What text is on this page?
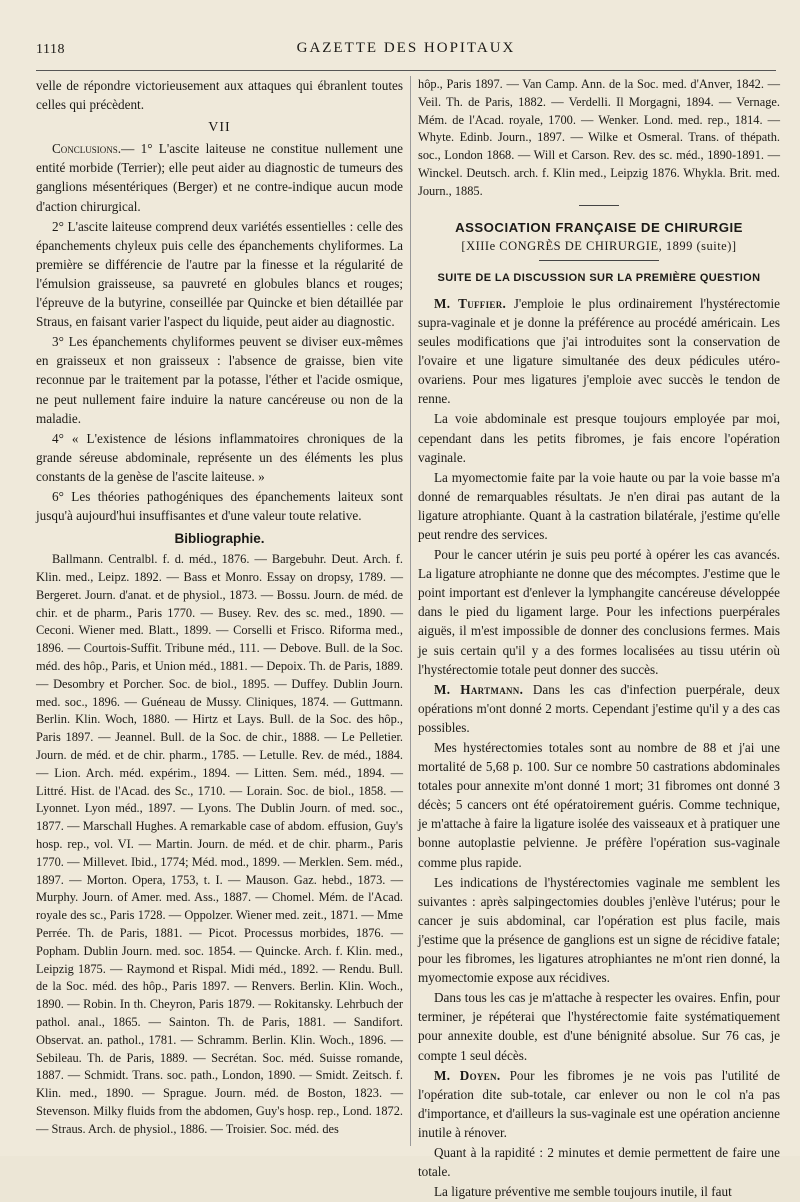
1118	GAZETTE DES HOPITAUX

velle de répondre victorieusement aux attaques qui ébranlent toutes celles qui précèdent.

VII

Conclusions.— 1° L'ascite laiteuse ne constitue nullement une entité morbide (Terrier); elle peut aider au diagnostic de tumeurs des ganglions mésentériques (Berger) et ne contre-indique aucun mode d'action chirurgical.

2° L'ascite laiteuse comprend deux variétés essentielles : celle des épanchements chyleux puis celle des épanchements chyliformes. La première se différencie de l'autre par la finesse et la régularité de l'émulsion graisseuse, sa pauvreté en globules blancs et rouges; l'épreuve de la butyrine, conseillée par Quincke et bien détaillée par Straus, en faisant varier l'aspect du liquide, peut aider au diagnostic.

3° Les épanchements chyliformes peuvent se diviser eux-mêmes en graisseux et non graisseux : l'absence de graisse, bien vite reconnue par le traitement par la potasse, l'éther et l'acide osmique, ne peut nullement faire induire la nature cancéreuse ou non de la maladie.

4° « L'existence de lésions inflammatoires chroniques de la grande séreuse abdominale, représente un des éléments les plus constants de la genèse de l'ascite laiteuse. »

6° Les théories pathogéniques des épanchements laiteux sont jusqu'à aujourd'hui insuffisantes et d'une valeur toute relative.

Bibliographie.

Ballmann. Centralbl. f. d. méd., 1876. — Bargebuhr. Deut. Arch. f. Klin. med., Leipz. 1892. — Bass et Monro. Essay on dropsy, 1789. — Bergeret. Journ. d'anat. et de physiol., 1873. — Bossu. Journ. de méd. de chir. et de pharm., Paris 1770. — Busey. Rev. des sc. med., 1890. — Ceconi. Wiener med. Blatt., 1899. — Corselli et Frisco. Riforma med., 1896. — Courtois-Suffit. Tribune méd., 111. — Debove. Bull. de la Soc. méd. des hôp., Paris, et Union méd., 1881. — Depoix. Th. de Paris, 1889. — Desombry et Porcher. Soc. de biol., 1895. — Duffey. Dublin Journ. med. soc., 1896. — Guéneau de Mussy. Cliniques, 1874. — Guttmann. Berlin. Klin. Woch, 1880. — Hirtz et Lays. Bull. de la Soc. des hôp., Paris 1897. — Jeannel. Bull. de la Soc. de chir., 1888. — Le Pelletier. Journ. de méd. et de chir. pharm., 1785. — Letulle. Rev. de méd., 1884. — Lion. Arch. méd. expérim., 1894. — Litten. Sem. méd., 1894. — Littré. Hist. de l'Acad. des Sc., 1710. — Lorain. Soc. de biol., 1858. — Lyonnet. Lyon méd., 1897. — Lyons. The Dublin Journ. of med. soc., 1877. — Marschall Hughes. A remarkable case of abdom. effusion, Guy's hosp. rep., vol. VI. — Martin. Journ. de méd. et de chir. pharm., Paris 1770. — Millevet. Ibid., 1774; Méd. mod., 1899. — Merklen. Sem. méd., 1897. — Morton. Opera, 1753, t. I. — Mauson. Gaz. hebd., 1873. — Murphy. Journ. of Amer. med. Ass., 1887. — Chomel. Mém. de l'Acad. royale des sc., Paris 1728. — Oppolzer. Wiener med. zeit., 1871. — Mme Perrée. Th. de Paris, 1881. — Picot. Processus morbides, 1876. — Popham. Dublin Journ. med. soc. 1854. — Quincke. Arch. f. Klin. med., Leipzig 1875. — Raymond et Rispal. Midi méd., 1892. — Rendu. Bull. de la Soc. méd. des hôp., Paris 1897. — Renvers. Berlin. Klin. Woch., 1890. — Robin. In th. Cheyron, Paris 1879. — Rokitansky. Lehrbuch der pathol. anal., 1865. — Sainton. Th. de Paris, 1881. — Sandifort. Observat. an. pathol., 1781. — Schramm. Berlin. Klin. Woch., 1896. — Sebileau. Th. de Paris, 1889. — Secrétan. Soc. méd. Suisse romande, 1887. — Schmidt. Trans. soc. path., London, 1890. — Smidt. Zeitsch. f. Klin. med., 1890. — Sprague. Journ. méd. de Boston, 1823. — Stevenson. Milky fluids from the abdomen, Guy's hosp. rep., Lond. 1872. — Straus. Arch. de physiol., 1886. — Troisier. Soc. méd. des

hôp., Paris 1897. — Van Camp. Ann. de la Soc. med. d'Anver, 1842. — Veil. Th. de Paris, 1882. — Verdelli. Il Morgagni, 1894. — Vernage. Mém. de l'Acad. royale, 1700. — Wenker. Lond. med. rep., 1814. — Whyte. Edinb. Journ., 1897. — Wilke et Osmeral. Trans. of thépath. soc., London 1868. — Will et Carson. Rev. des sc. méd., 1890-1891. — Winckel. Deutsch. arch. f. Klin med., Leipzig 1876. Whykla. Brit. med. Journ., 1885.

ASSOCIATION FRANÇAISE DE CHIRURGIE

[XIIIe CONGRÈS DE CHIRURGIE, 1899 (suite)]

SUITE DE LA DISCUSSION SUR LA PREMIÈRE QUESTION

M. Tuffier. J'emploie le plus ordinairement l'hystérectomie supra-vaginale et je donne la préférence au procédé américain. Les seules modifications que j'ai introduites sont la conservation de l'ovaire et une ligature simultanée des deux pédicules utéro-ovariens. Pour mes ligatures j'emploie avec succès le tendon de renne.

La voie abdominale est presque toujours employée par moi, cependant dans les petits fibromes, je fais encore l'opération vaginale.

La myomectomie faite par la voie haute ou par la voie basse m'a donné de remarquables résultats. Je n'en dirai pas autant de la ligature atrophiante. Quant à la castration bilatérale, j'estime qu'elle peut rendre des services.

Pour le cancer utérin je suis peu porté à opérer les cas avancés. La ligature atrophiante ne donne que des mécomptes. J'estime que le point important est d'enlever la lymphangite cancéreuse développée dans le pied du ligament large. Pour les infections puerpérales aiguës, il m'est impossible de donner des conclusions fermes. Mais je suis certain qu'il y a des formes localisées au tissu utérin où l'hystérectomie totale peut donner des succès.

M. Hartmann. Dans les cas d'infection puerpérale, deux opérations m'ont donné 2 morts. Cependant j'estime qu'il y a des cas possibles.

Mes hystérectomies totales sont au nombre de 88 et j'ai une mortalité de 5,68 p. 100. Sur ce nombre 50 castrations abdominales totales pour annexite m'ont donné 1 mort; 31 fibromes ont donné 3 décès; 5 cancers ont été opératoirement guéris. Comme technique, je m'attache à faire la ligature isolée des vaisseaux et à pratiquer une bonne autoplastie pelvienne. Je préfère l'opération sus-vaginale comme plus rapide.

Les indications de l'hystérectomies vaginale me semblent les suivantes : après salpingectomies doubles j'enlève l'utérus; pour le cancer je suis abdominal, car l'opération est plus facile, mais j'estime que la présence de ganglions est un signe de récidive fatale; pour les fibromes, les ligatures atrophiantes ne m'ont rien donné, la myomectomie expose aux récidives.

Dans tous les cas je m'attache à respecter les ovaires. Enfin, pour terminer, je répéterai que l'hystérectomie faite systématiquement pour annexite double, est d'une bénignité absolue. Sur 76 cas, je compte 1 seul décès.

M. Doyen. Pour les fibromes je ne vois pas l'utilité de l'opération dite sub-totale, car enlever ou non le col n'a pas d'importance, et d'ailleurs la sus-vaginale est une opération ancienne inutile à rénover.

Quant à la rapidité : 2 minutes et demie permettent de faire une totale.

La ligature préventive me semble toujours inutile, il faut
